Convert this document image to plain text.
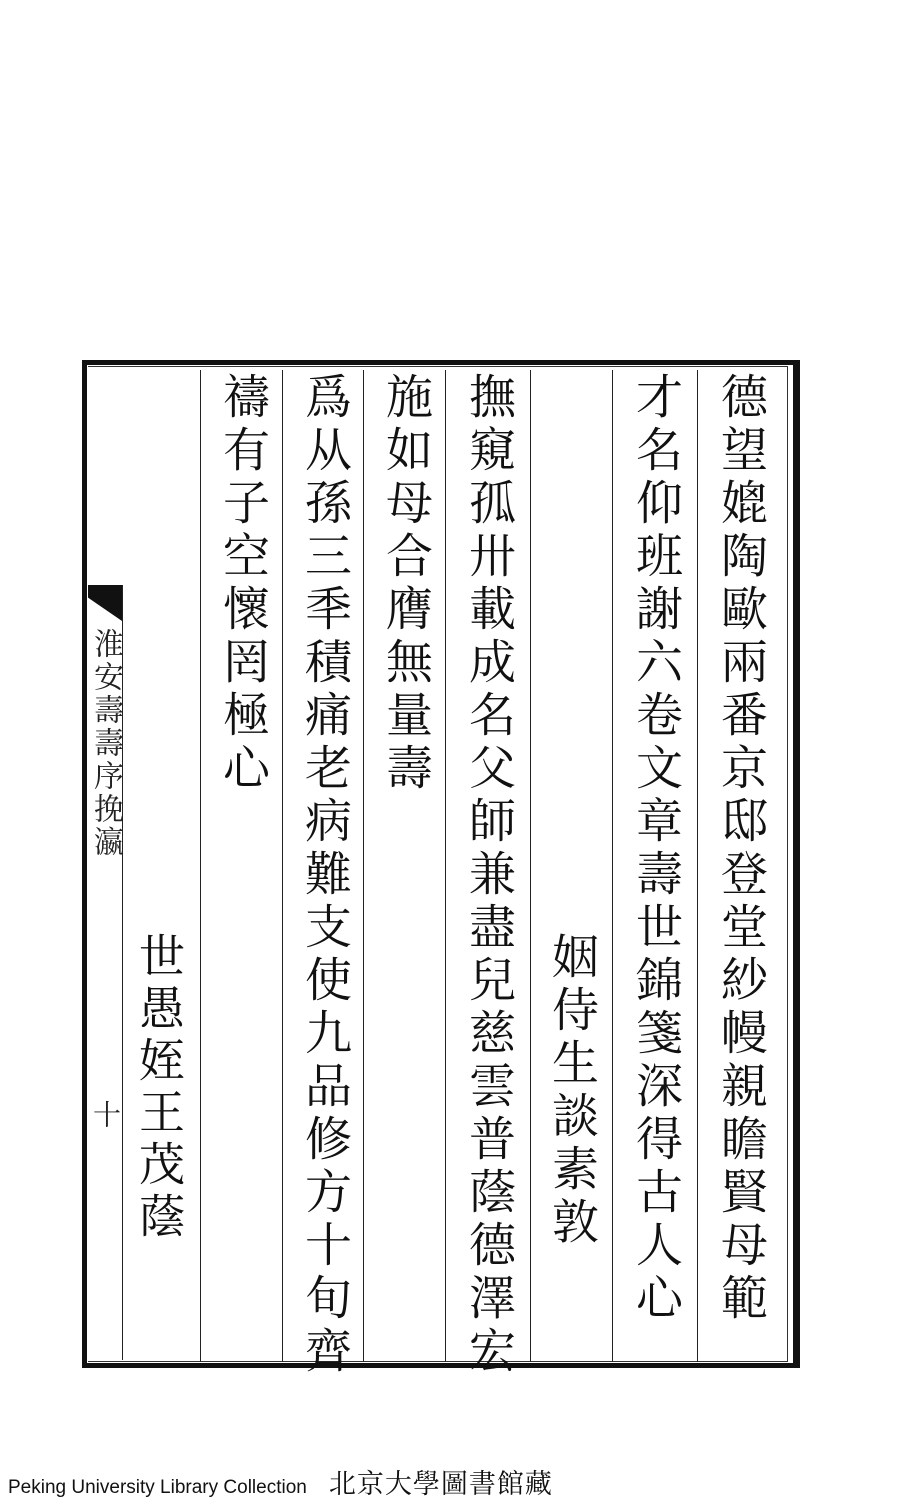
淮安壽壽序挽瀛
十	德望媲陶歐兩番京邸登堂紗幔親瞻賢母範
才名仰班謝六卷文章壽世錦箋深得古人心
姻侍生談素敦
撫窺孤卅載成名父師兼盡兒慈雲普蔭德澤宏
施如母合膺無量壽
爲从孫三秊積痛老病難支使九品修方十旬齊
禱有子空懷罔極心
世愚姪王茂蔭
Peking University Library Collection 北京大學圖書館藏
